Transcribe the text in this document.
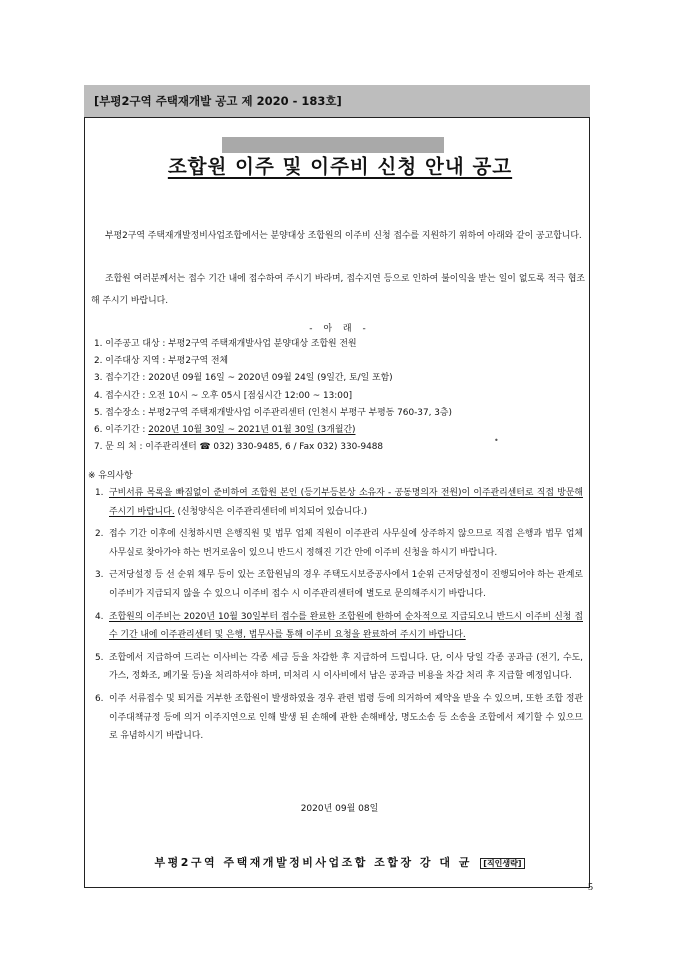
[부평2구역 주택재개발 공고 제 2020 - 183호]
조합원 이주 및 이주비 신청 안내 공고
부평2구역 주택재개발정비사업조합에서는 분양대상 조합원의 이주비 신청 접수를 지원하기 위하여 아래와 같이 공고합니다.
조합원 여러분께서는 접수 기간 내에 접수하여 주시기 바라며, 접수지연 등으로 인하여 불이익을 받는 일이 없도록 적극 협조해 주시기 바랍니다.
- 아 래 -
1. 이주공고 대상 : 부평2구역 주택재개발사업 분양대상 조합원 전원
2. 이주대상 지역 : 부평2구역 전체
3. 접수기간 : 2020년 09월 16일 ~ 2020년 09월 24일 (9일간, 토/일 포함)
4. 접수시간 : 오전 10시 ~ 오후 05시 [점심시간 12:00 ~ 13:00]
5. 접수장소 : 부평2구역 주택재개발사업 이주관리센터 (인천시 부평구 부평동 760-37, 3층)
6. 이주기간 : 2020년 10월 30일 ~ 2021년 01월 30일 (3개월간)
7. 문 의 처 : 이주관리센터 ☎ 032) 330-9485, 6 / Fax 032) 330-9488
•
※ 유의사항
1. 구비서류 목록을 빠짐없이 준비하여 조합원 본인 (등기부등본상 소유자 - 공동명의자 전원)이 이주관리센터로 직접 방문해 주시기 바랍니다. (신청양식은 이주관리센터에 비치되어 있습니다.)
2. 접수 기간 이후에 신청하시면 은행직원 및 법무 업체 직원이 이주관리 사무실에 상주하지 않으므로 직접 은행과 법무 업체 사무실로 찾아가야 하는 번거로움이 있으니 반드시 정해진 기간 안에 이주비 신청을 하시기 바랍니다.
3. 근저당설정 등 선 순위 채무 등이 있는 조합원님의 경우 주택도시보증공사에서 1순위 근저당설정이 진행되어야 하는 관계로 이주비가 지급되지 않을 수 있으니 이주비 접수 시 이주관리센터에 별도로 문의해주시기 바랍니다.
4. 조합원의 이주비는 2020년 10월 30일부터 접수를 완료한 조합원에 한하여 순차적으로 지급되오니 반드시 이주비 신청 접수 기간 내에 이주관리센터 및 은행, 법무사를 통해 이주비 요청을 완료하여 주시기 바랍니다.
5. 조합에서 지급하여 드리는 이사비는 각종 세금 등을 차감한 후 지급하여 드립니다. 단, 이사 당일 각종 공과금 (전기, 수도, 가스, 정화조, 폐기물 등)을 처리하셔야 하며, 미처리 시 이사비에서 남은 공과금 비용을 차감 처리 후 지급할 예정입니다.
6. 이주 서류접수 및 퇴거를 거부한 조합원이 발생하였을 경우 관련 법령 등에 의거하여 제약을 받을 수 있으며, 또한 조합 정관 이주대책규정 등에 의거 이주지연으로 인해 발생 된 손해에 관한 손해배상, 명도소송 등 소송을 조합에서 제기할 수 있으므로 유념하시기 바랍니다.
2020년 09월 08일
부평2구역 주택재개발정비사업조합 조합장 강 대 균 [직인생략]
5
